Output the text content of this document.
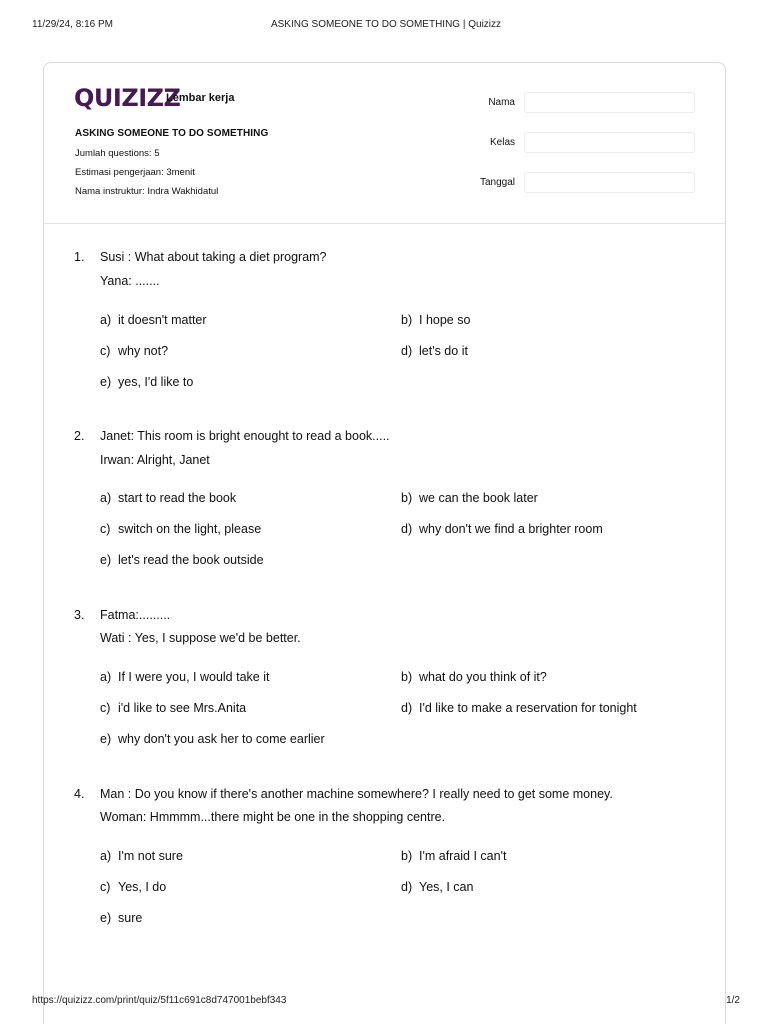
11/29/24, 8:16 PM	ASKING SOMEONE TO DO SOMETHING | Quizizz
QUIZIZZ
Lembar kerja
ASKING SOMEONE TO DO SOMETHING
Jumlah questions: 5
Estimasi pengerjaan: 3menit
Nama instruktur: Indra Wakhidatul
Nama
Kelas
Tanggal
1. Susi : What about taking a diet program?
Yana: .......
a) it doesn't matter	b) I hope so
c) why not?	d) let's do it
e) yes, I'd like to
2. Janet: This room is bright enought to read a book.....
Irwan: Alright, Janet
a) start to read the book	b) we can the book later
c) switch on the light, please	d) why don't we find a brighter room
e) let's read the book outside
3. Fatma:.........
Wati : Yes, I suppose we'd be better.
a) If I were you, I would take it	b) what do you think of it?
c) i'd like to see Mrs.Anita	d) I'd like to make a reservation for tonight
e) why don't you ask her to come earlier
4. Man : Do you know if there's another machine somewhere? I really need to get some money.
Woman: Hmmmm...there might be one in the shopping centre.
a) I'm not sure	b) I'm afraid I can't
c) Yes, I do	d) Yes, I can
e) sure
https://quizizz.com/print/quiz/5f11c691c8d747001bebf343	1/2
